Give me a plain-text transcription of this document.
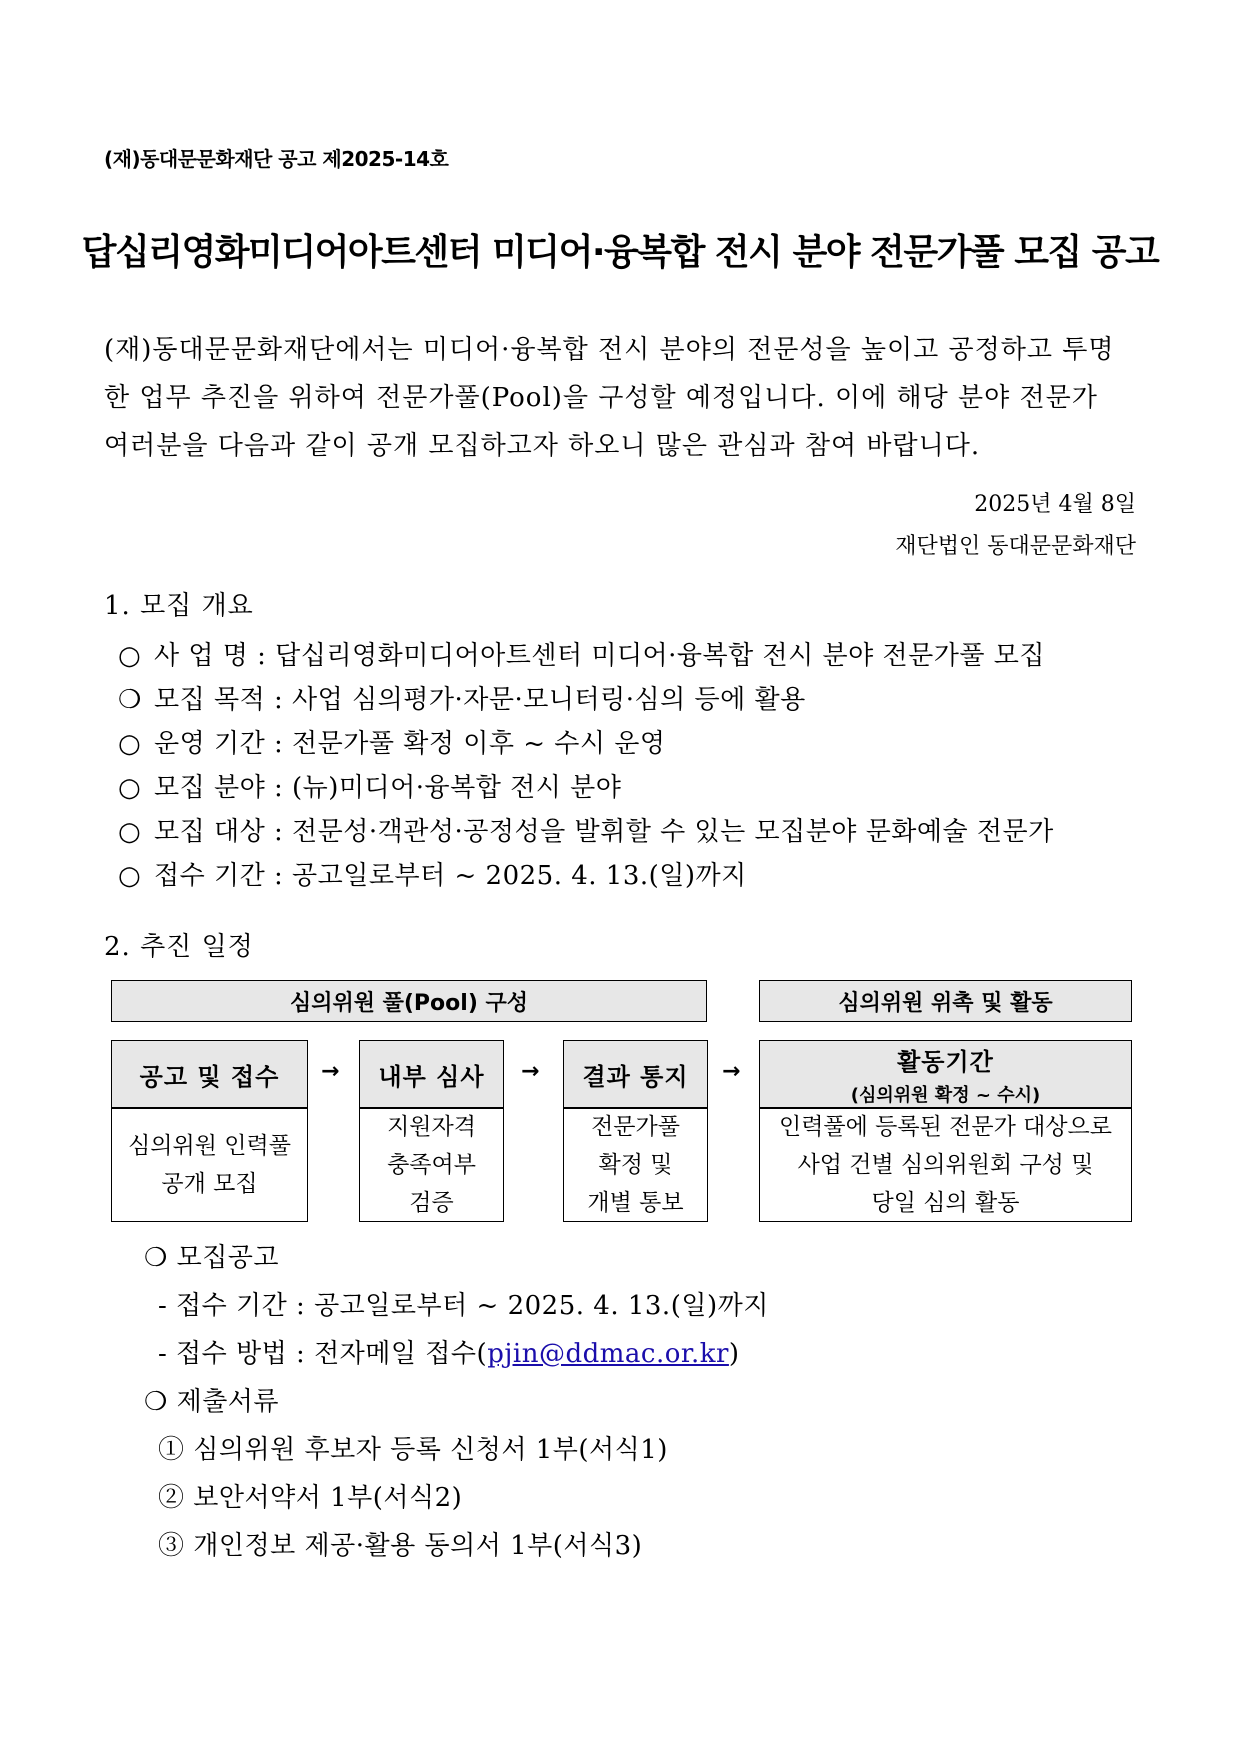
(재)동대문문화재단 공고 제2025-14호
답십리영화미디어아트센터 미디어·융복합 전시 분야 전문가풀 모집 공고
(재)동대문문화재단에서는 미디어·융복합 전시 분야의 전문성을 높이고 공정하고 투명
한 업무 추진을 위하여 전문가풀(Pool)을 구성할 예정입니다. 이에 해당 분야 전문가
여러분을 다음과 같이 공개 모집하고자 하오니 많은 관심과 참여 바랍니다.
2025년 4월 8일
재단법인 동대문문화재단
1. 모집 개요
○ 사 업 명 : 답십리영화미디어아트센터 미디어·융복합 전시 분야 전문가풀 모집
❍ 모집 목적 : 사업 심의평가·자문·모니터링·심의 등에 활용
○ 운영 기간 : 전문가풀 확정 이후 ~ 수시 운영
○ 모집 분야 : (뉴)미디어·융복합 전시 분야
○ 모집 대상 : 전문성·객관성·공정성을 발휘할 수 있는 모집분야 문화예술 전문가
○ 접수 기간 : 공고일로부터 ~ 2025. 4. 13.(일)까지
2. 추진 일정
심의위원 풀(Pool) 구성	심의위원 위촉 및 활동
공고 및 접수 → 내부 심사 → 결과 통지 →	활동기간
(심의위원 확정 ~ 수시)
심의위원 인력풀
공개 모집
지원자격
충족여부
검증
전문가풀
확정 및
개별 통보
인력풀에 등록된 전문가 대상으로
사업 건별 심의위원회 구성 및
당일 심의 활동
❍ 모집공고
- 접수 기간 : 공고일로부터 ~ 2025. 4. 13.(일)까지
- 접수 방법 : 전자메일 접수(pjin@ddmac.or.kr)
❍ 제출서류
① 심의위원 후보자 등록 신청서 1부(서식1)
② 보안서약서 1부(서식2)
③ 개인정보 제공·활용 동의서 1부(서식3)
